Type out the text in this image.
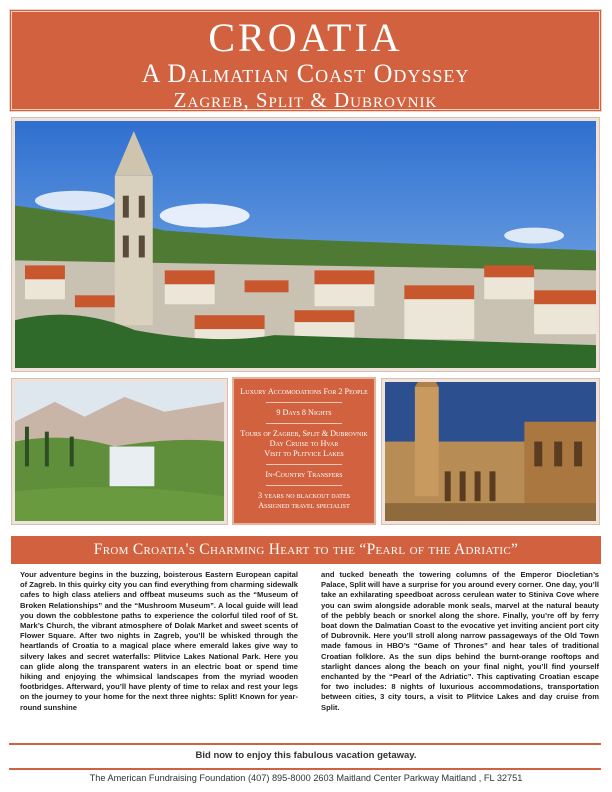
CROATIA
A Dalmatian Coast Odyssey
Zagreb, Split & Dubrovnik
Luxury Accomodations For 2 People
9 Days 8 Nights
Tours of Zagreb, Split & Dubrovnik
Day Cruise to Hvar
Visit to Plitvice Lakes
In-Country Transfers
3 years no blackout dates
Assigned travel specialist
From Croatia's Charming Heart to the “Pearl of the Adriatic”

Your adventure begins in the buzzing, boisterous Eastern European capital of Zagreb. In this quirky city you can find everything from charming sidewalk cafes to high class ateliers and offbeat museums such as the “Museum of Broken Relationships” and the “Mushroom Museum”. A local guide will lead you down the cobblestone paths to experience the colorful tiled roof of St. Mark’s Church, the vibrant atmosphere of Dolak Market and sweet scents of Flower Square. After two nights in Zagreb, you’ll be whisked through the heartlands of Croatia to a magical place where emerald lakes give way to silvery lakes and secret waterfalls: Plitvice Lakes National Park. Here you can glide along the transparent waters in an electric boat or spend time hiking and enjoying the whimsical landscapes from the myriad wooden footbridges. Afterward, you’ll have plenty of time to relax and rest your legs on the journey to your home for the next three nights: Split! Known for year-round sunshine

and tucked beneath the towering columns of the Emperor Diocletian’s Palace, Split will have a surprise for you around every corner. One day, you’ll take an exhilarating speedboat across cerulean water to Stiniva Cove where you can swim alongside adorable monk seals, marvel at the natural beauty of the pebbly beach or snorkel along the shore. Finally, you’re off by ferry boat down the Dalmatian Coast to the evocative yet inviting ancient port city of Dubrovnik. Here you’ll stroll along narrow passageways of the Old Town made famous in HBO’s “Game of Thrones” and hear tales of traditional Croatian folklore. As the sun dips behind the burnt-orange rooftops and starlight dances along the beach on your final night, you’ll find yourself enchanted by the “Pearl of the Adriatic”. This captivating Croatian escape for two includes: 8 nights of luxurious accommodations, transportation between cities, 3 city tours, a visit to Plitvice Lakes and day cruise from Split.

Bid now to enjoy this fabulous vacation getaway.
The American Fundraising Foundation (407) 895-8000 2603 Maitland Center Parkway Maitland , FL 32751
